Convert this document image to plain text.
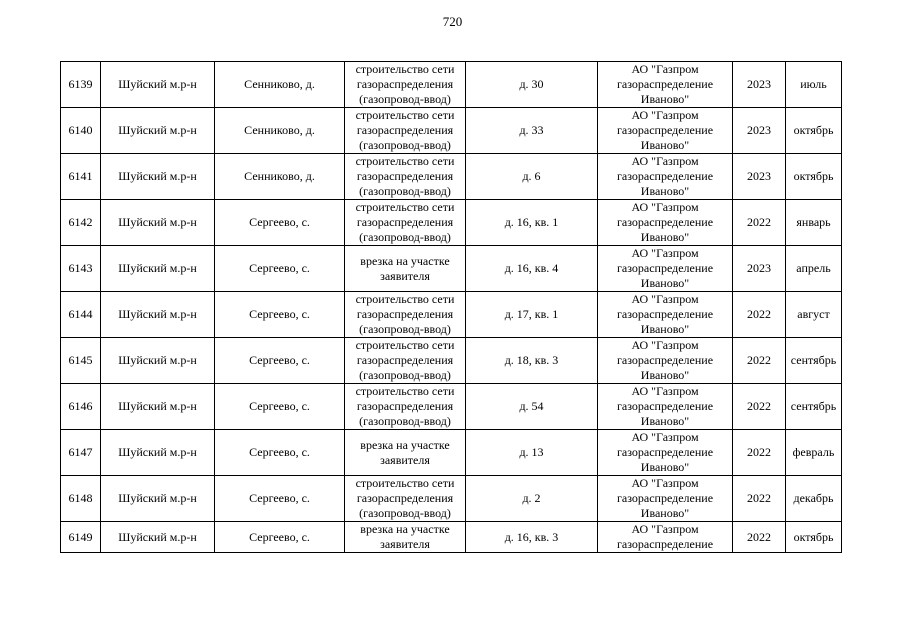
720
6139	Шуйский м.р-н	Сенниково, д.	строительство сети
газораспределения
(газопровод-ввод)	д. 30	АО "Газпром
газораспределение
Иваново"	2023	июль

6140	Шуйский м.р-н	Сенниково, д.	строительство сети
газораспределения
(газопровод-ввод)	д. 33	АО "Газпром
газораспределение
Иваново"	2023	октябрь

6141	Шуйский м.р-н	Сенниково, д.	строительство сети
газораспределения
(газопровод-ввод)	д. 6	АО "Газпром
газораспределение
Иваново"	2023	октябрь

6142	Шуйский м.р-н	Сергеево, с.	строительство сети
газораспределения
(газопровод-ввод)	д. 16, кв. 1	АО "Газпром
газораспределение
Иваново"	2022	январь

6143	Шуйский м.р-н	Сергеево, с.	врезка на участке
заявителя	д. 16, кв. 4	АО "Газпром
газораспределение
Иваново"	2023	апрель

6144	Шуйский м.р-н	Сергеево, с.	строительство сети
газораспределения
(газопровод-ввод)	д. 17, кв. 1	АО "Газпром
газораспределение
Иваново"	2022	август

6145	Шуйский м.р-н	Сергеево, с.	строительство сети
газораспределения
(газопровод-ввод)	д. 18, кв. 3	АО "Газпром
газораспределение
Иваново"	2022	сентябрь

6146	Шуйский м.р-н	Сергеево, с.	строительство сети
газораспределения
(газопровод-ввод)	д. 54	АО "Газпром
газораспределение
Иваново"	2022	сентябрь

6147	Шуйский м.р-н	Сергеево, с.	врезка на участке
заявителя	д. 13	АО "Газпром
газораспределение
Иваново"	2022	февраль

6148	Шуйский м.р-н	Сергеево, с.	строительство сети
газораспределения
(газопровод-ввод)	д. 2	АО "Газпром
газораспределение
Иваново"	2022	декабрь

6149	Шуйский м.р-н	Сергеево, с.	врезка на участке
заявителя	д. 16, кв. 3	АО "Газпром
газораспределение	2022	октябрь
